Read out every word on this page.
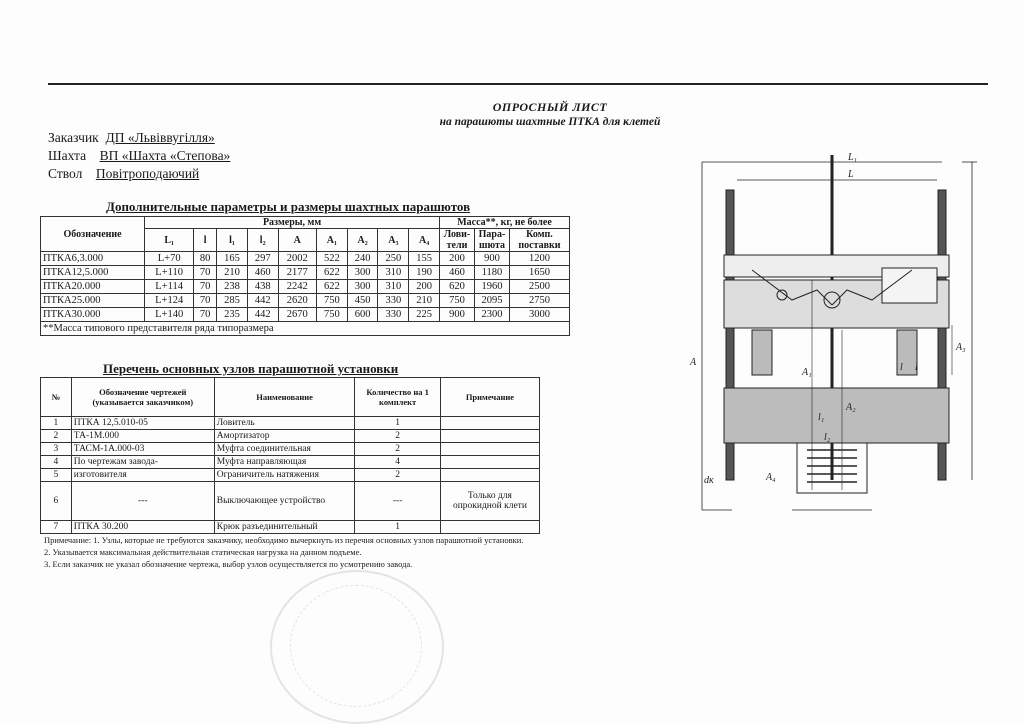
ОПРОСНЫЙ ЛИСТ
на парашюты шахтные ПТКА для клетей
Заказчик ДП «Львіввугілля»
Шахта ВП «Шахта «Степова»
Ствол Повітроподаючий
Дополнительные параметры и размеры шахтных парашютов
Обозначение	Размеры, мм									Масса**, кг, не более		
	L₁	l	l₁	l₂	A	A₁	A₂	A₃	A₄	Лови-тели	Пара-шюта	Комп. поставки
ПТКА6,3.000	L+70	80	165	297	2002	522	240	250	155	200	900	1200
ПТКА12,5.000	L+110	70	210	460	2177	622	300	310	190	460	1180	1650
ПТКА20.000	L+114	70	238	438	2242	622	300	310	200	620	1960	2500
ПТКА25.000	L+124	70	285	442	2620	750	450	330	210	750	2095	2750
ПТКА30.000	L+140	70	235	442	2670	750	600	330	225	900	2300	3000
**Масса типового представителя ряда типоразмера												
Перечень основных узлов парашютной установки
№	Обозначение чертежей (указывается заказчиком)	Наименование	Количество на 1 комплект	Примечание
1	ПТКА 12,5.010-05	Ловитель	1	
2	ТА-1М.000	Амортизатор	2	
3	ТАСМ-1А.000-03	Муфта соединительная	2	
4	По чертежам завода-	Муфта направляющая	4	
5	изготовителя	Ограничитель натяжения	2	
6	---	Выключающее устройство	---	Только для опрокидной клети
7	ПТКА 30.200	Крюк разъединительный	1	
Примечание: 1. Узлы, которые не требуются заказчику, необходимо вычеркнуть из перечня основных узлов парашютной установки.
2. Указывается максимальная действительная статическая нагрузка на данном подъеме.
3. Если заказчик не указал обозначение чертежа, выбор узлов осуществляется по усмотрению завода.
L₁
L
A
A₁
A₂
A₃
A₄
l₁
l₂
dк
l l
